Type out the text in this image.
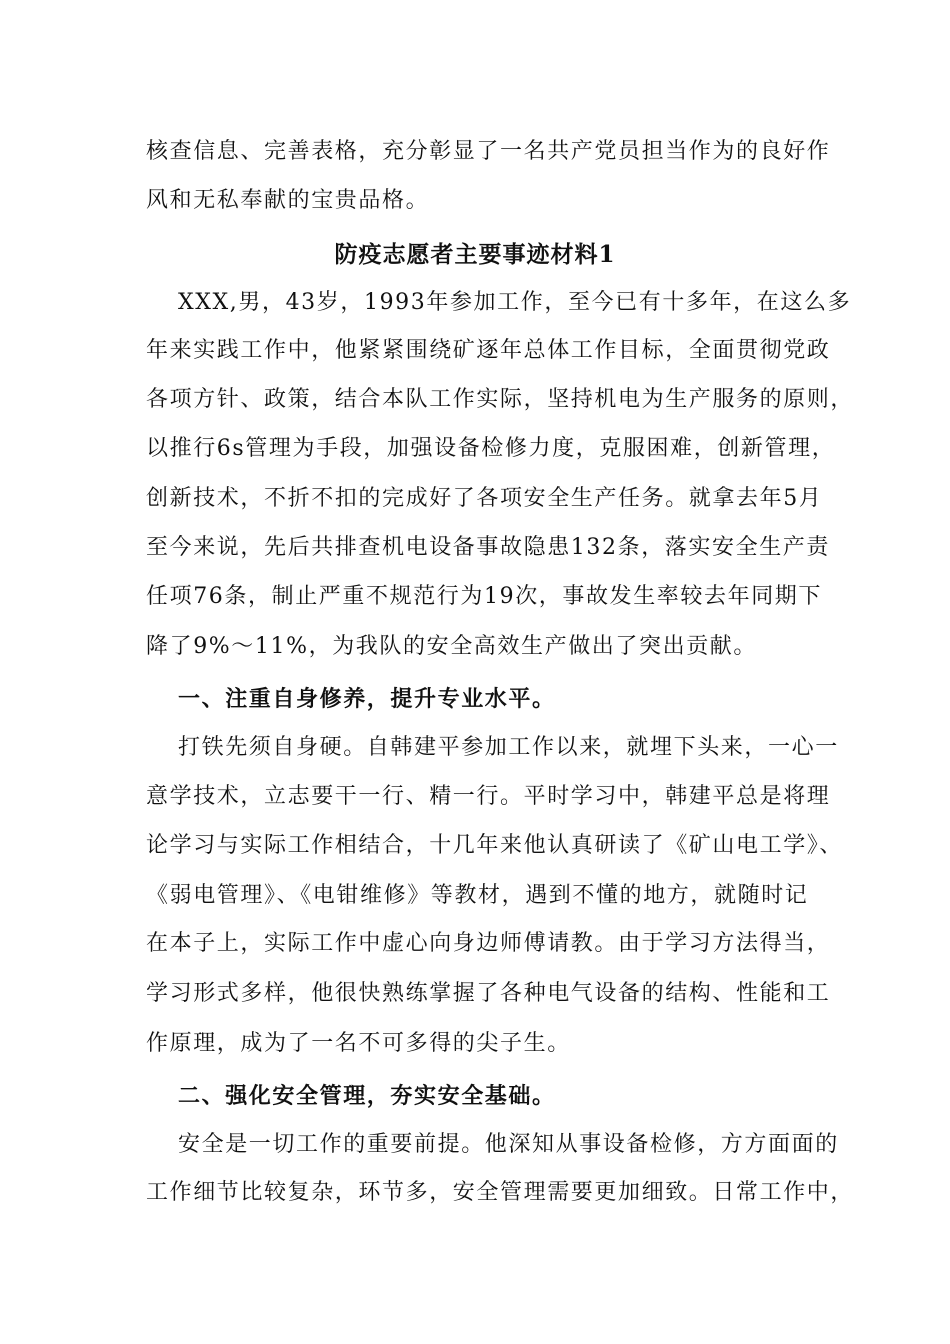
核查信息、完善表格，充分彰显了一名共产党员担当作为的良好作
风和无私奉献的宝贵品格。
防疫志愿者主要事迹材料1
XXX,男，43岁，1993年参加工作，至今已有十多年，在这么多
年来实践工作中，他紧紧围绕矿逐年总体工作目标，全面贯彻党政
各项方针、政策，结合本队工作实际，坚持机电为生产服务的原则，
以推行6s管理为手段，加强设备检修力度，克服困难，创新管理，
创新技术，不折不扣的完成好了各项安全生产任务。就拿去年5月
至今来说，先后共排查机电设备事故隐患132条，落实安全生产责
任项76条，制止严重不规范行为19次，事故发生率较去年同期下
降了9%～11%，为我队的安全高效生产做出了突出贡献。
一、注重自身修养，提升专业水平。
打铁先须自身硬。自韩建平参加工作以来，就埋下头来，一心一
意学技术，立志要干一行、精一行。平时学习中，韩建平总是将理
论学习与实际工作相结合，十几年来他认真研读了《矿山电工学》、
《弱电管理》、《电钳维修》等教材，遇到不懂的地方，就随时记
在本子上，实际工作中虚心向身边师傅请教。由于学习方法得当，
学习形式多样，他很快熟练掌握了各种电气设备的结构、性能和工
作原理，成为了一名不可多得的尖子生。
二、强化安全管理，夯实安全基础。
安全是一切工作的重要前提。他深知从事设备检修，方方面面的
工作细节比较复杂，环节多，安全管理需要更加细致。日常工作中，
